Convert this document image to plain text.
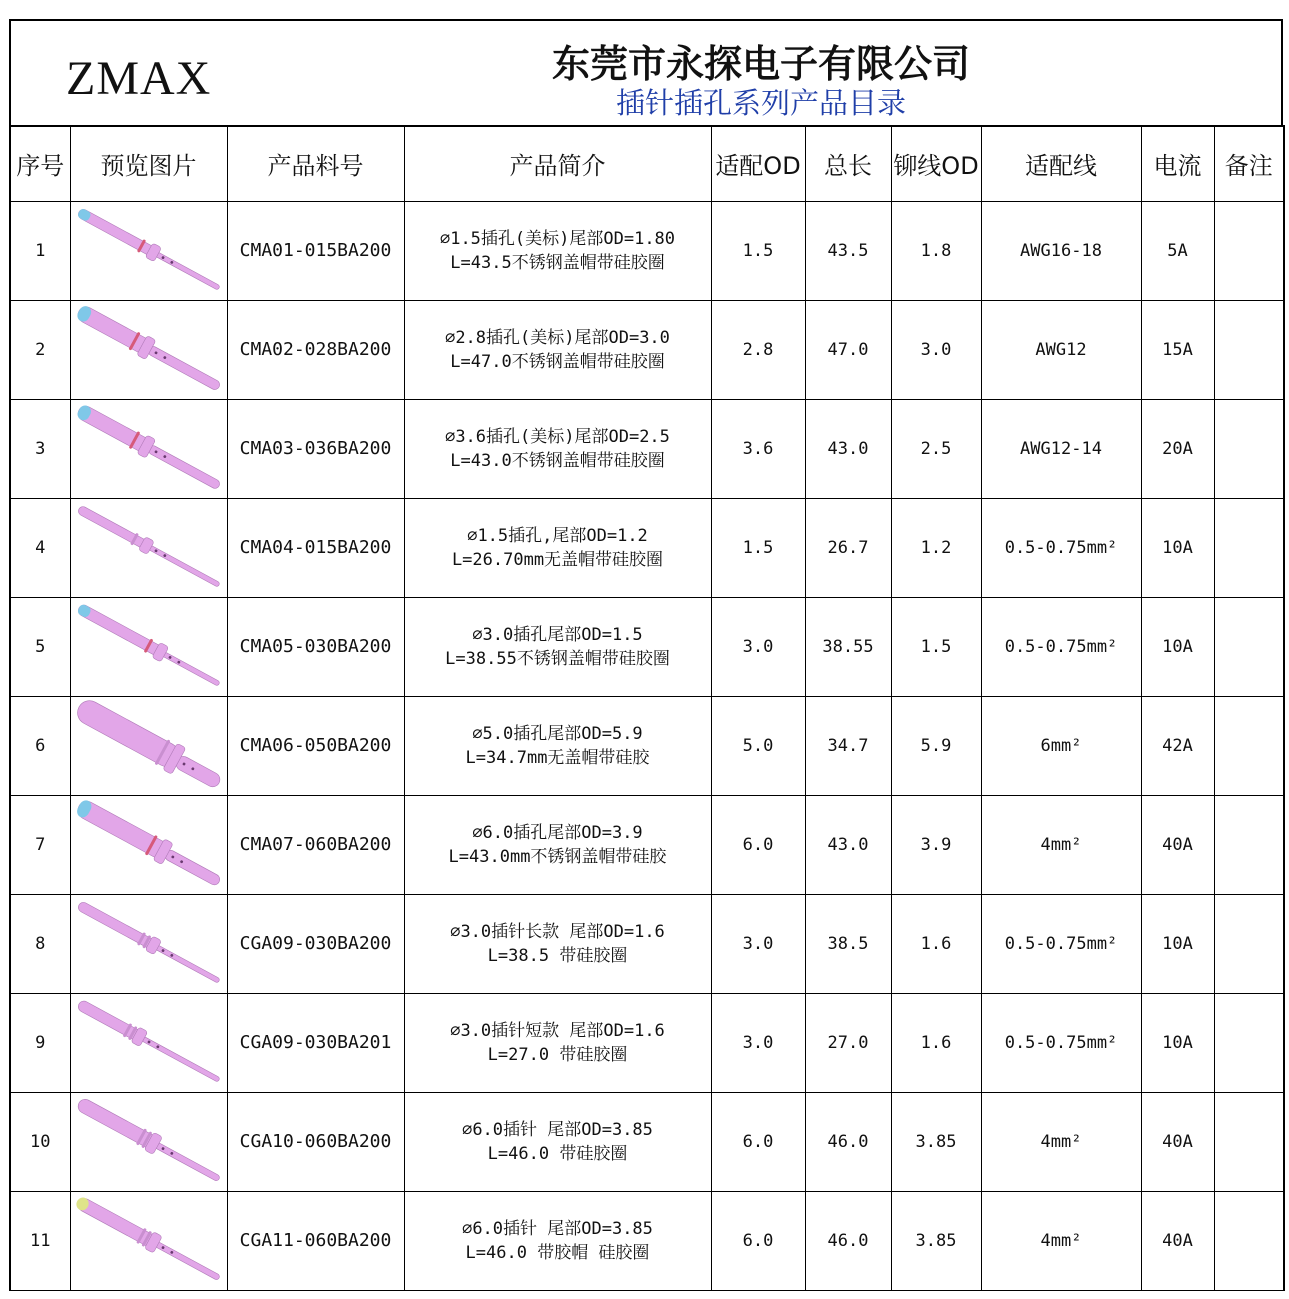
ZMAX	东莞市永探电子有限公司
插针插孔系列产品目录
序号	预览图片	产品料号	产品简介	适配OD	总长	铆线OD	适配线	电流	备注
1		CMA01-015BA200	⌀1.5插孔(美标)尾部OD=1.80
L=43.5不锈钢盖帽带硅胶圈	1.5	43.5	1.8	AWG16-18	5A	
2		CMA02-028BA200	⌀2.8插孔(美标)尾部OD=3.0
L=47.0不锈钢盖帽带硅胶圈	2.8	47.0	3.0	AWG12	15A	
3		CMA03-036BA200	⌀3.6插孔(美标)尾部OD=2.5
L=43.0不锈钢盖帽带硅胶圈	3.6	43.0	2.5	AWG12-14	20A	
4		CMA04-015BA200	⌀1.5插孔,尾部OD=1.2
L=26.70mm无盖帽带硅胶圈	1.5	26.7	1.2	0.5-0.75mm²	10A	
5		CMA05-030BA200	⌀3.0插孔尾部OD=1.5
L=38.55不锈钢盖帽带硅胶圈	3.0	38.55	1.5	0.5-0.75mm²	10A	
6		CMA06-050BA200	⌀5.0插孔尾部OD=5.9
L=34.7mm无盖帽带硅胶	5.0	34.7	5.9	6mm²	42A	
7		CMA07-060BA200	⌀6.0插孔尾部OD=3.9
L=43.0mm不锈钢盖帽带硅胶	6.0	43.0	3.9	4mm²	40A	
8		CGA09-030BA200	⌀3.0插针长款 尾部OD=1.6
L=38.5 带硅胶圈	3.0	38.5	1.6	0.5-0.75mm²	10A	
9		CGA09-030BA201	⌀3.0插针短款 尾部OD=1.6
L=27.0 带硅胶圈	3.0	27.0	1.6	0.5-0.75mm²	10A	
10		CGA10-060BA200	⌀6.0插针 尾部OD=3.85
L=46.0 带硅胶圈	6.0	46.0	3.85	4mm²	40A	
11		CGA11-060BA200	⌀6.0插针 尾部OD=3.85
L=46.0 带胶帽 硅胶圈	6.0	46.0	3.85	4mm²	40A	
